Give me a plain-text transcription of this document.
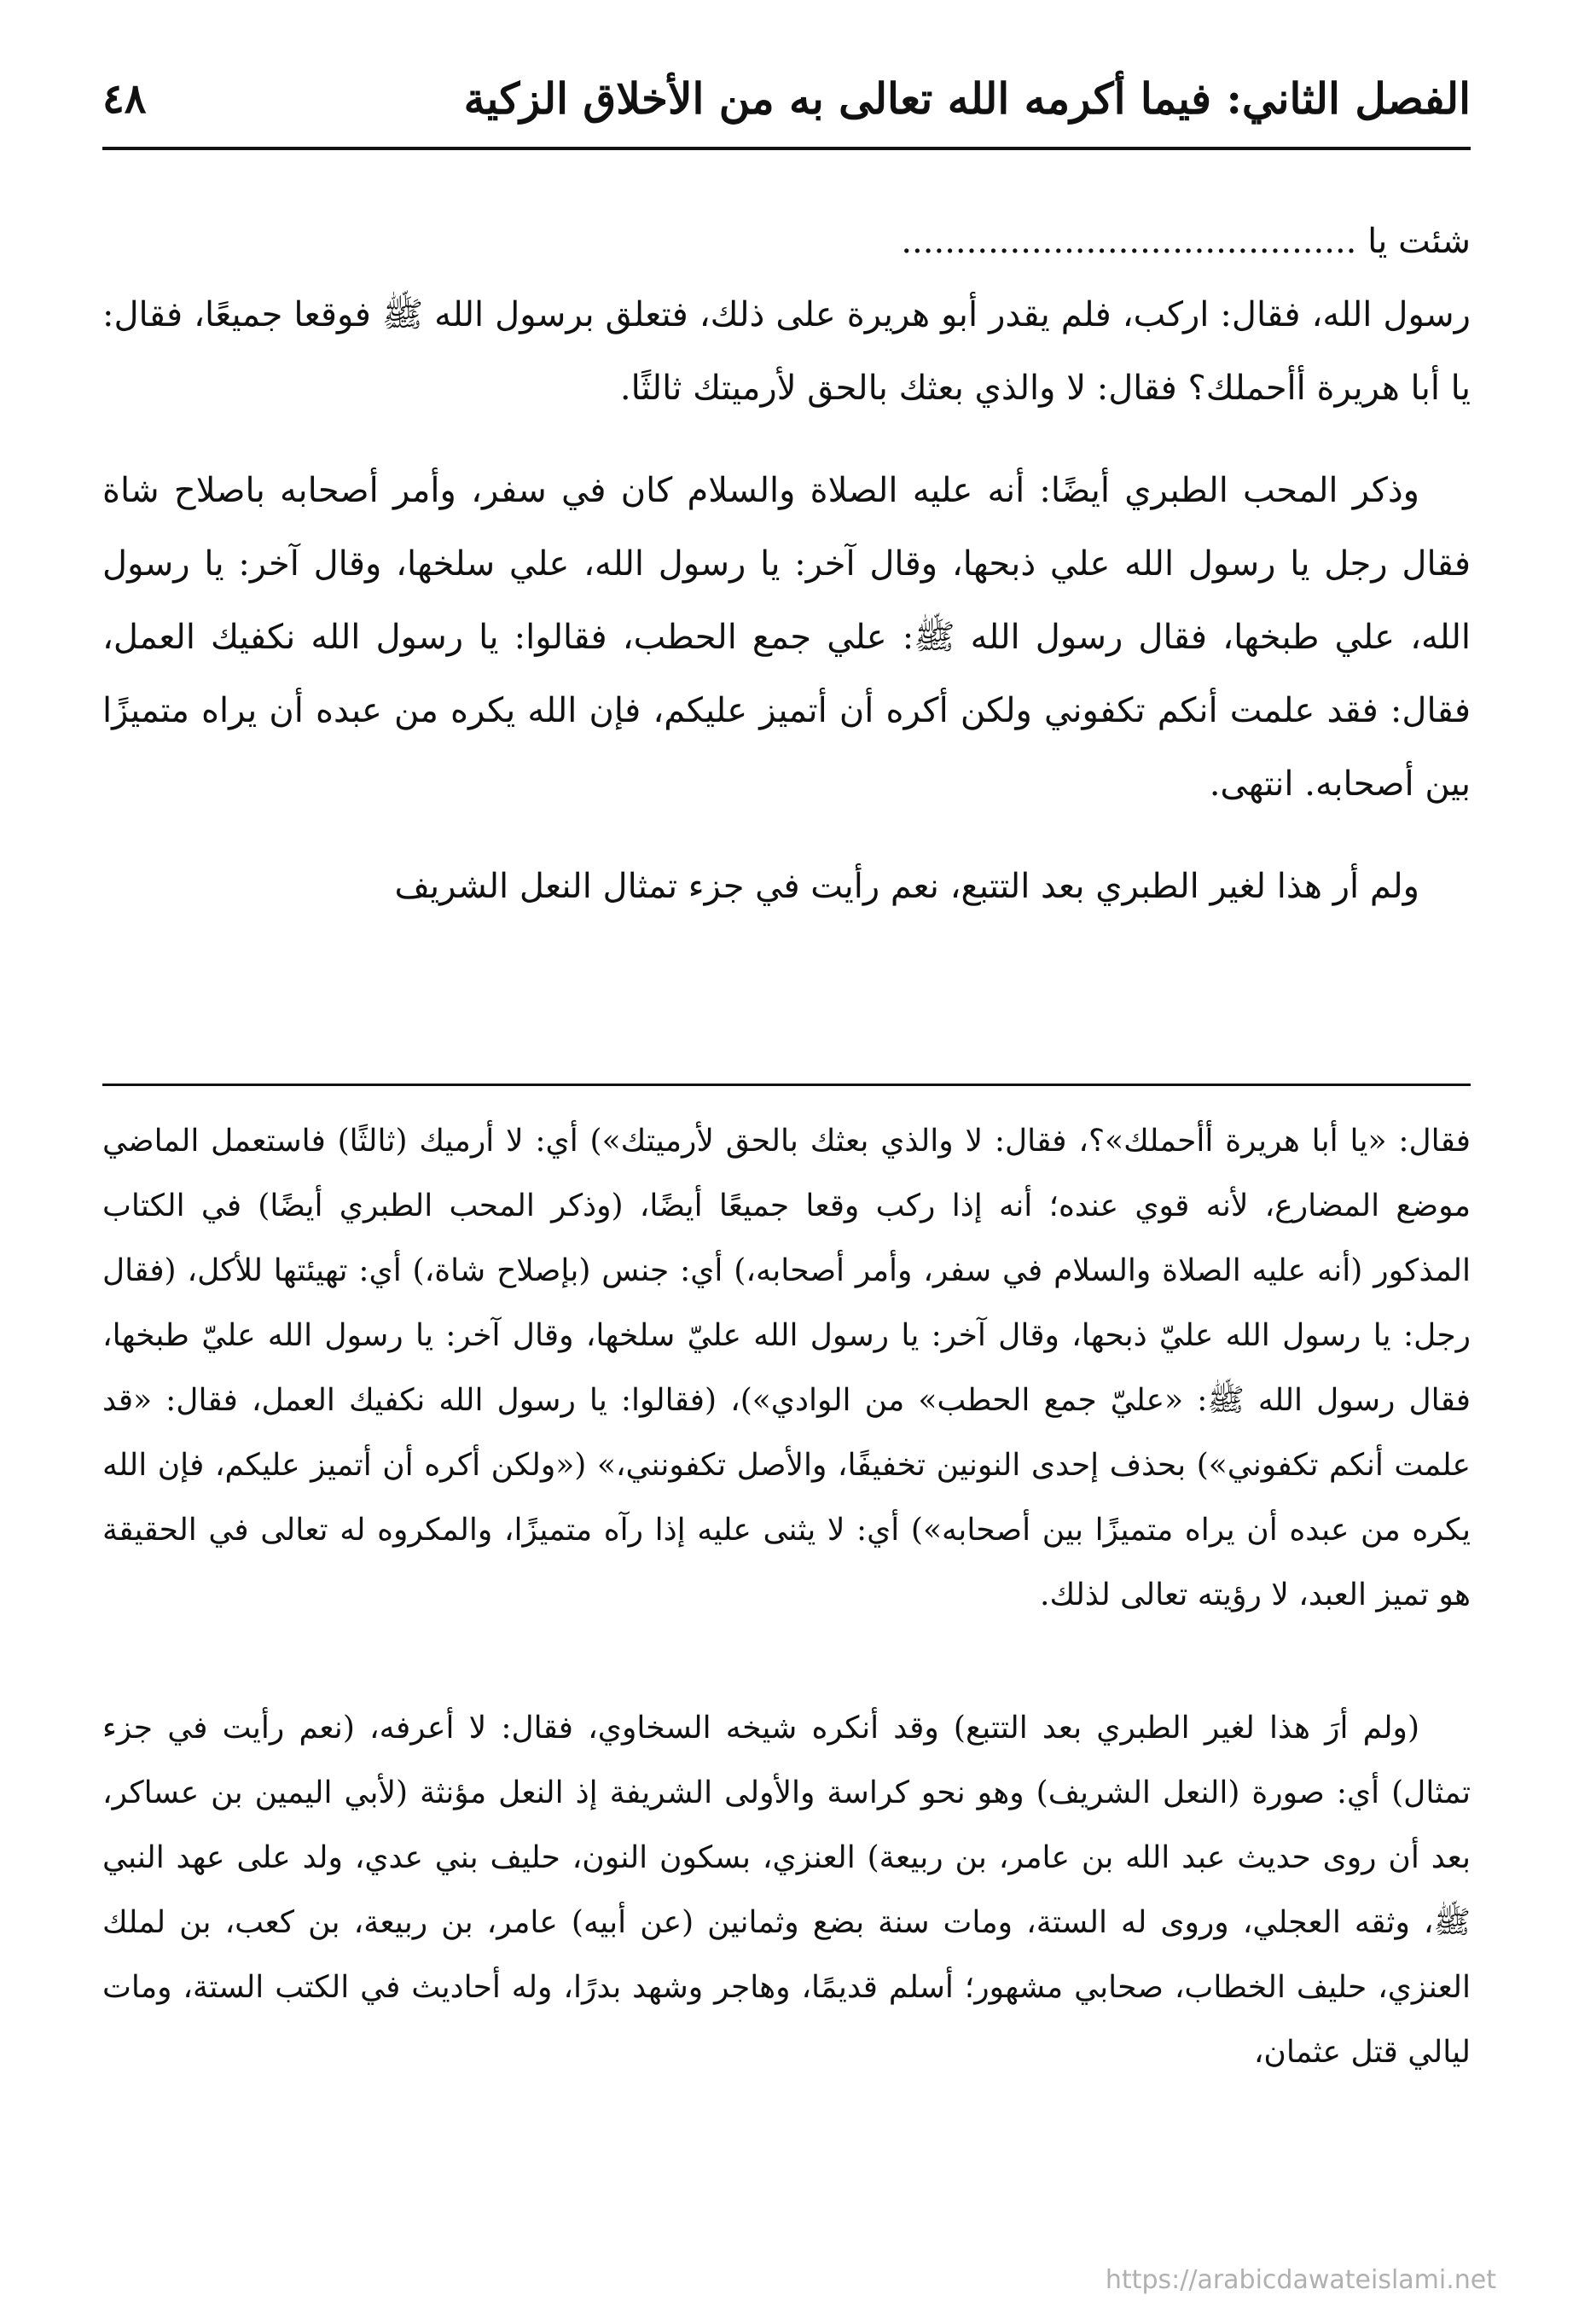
٤٨	الفصل الثاني: فيما أكرمه الله تعالى به من الأخلاق الزكية

شئت يا ..........................................

رسول الله، فقال: اركب، فلم يقدر أبو هريرة على ذلك، فتعلق برسول الله ﷺ فوقعا جميعًا، فقال: يا أبا هريرة أأحملك؟ فقال: لا والذي بعثك بالحق لأرميتك ثالثًا.

وذكر المحب الطبري أيضًا: أنه عليه الصلاة والسلام كان في سفر، وأمر أصحابه باصلاح شاة فقال رجل يا رسول الله علي ذبحها، وقال آخر: يا رسول الله، علي سلخها، وقال آخر: يا رسول الله، علي طبخها، فقال رسول الله ﷺ: علي جمع الحطب، فقالوا: يا رسول الله نكفيك العمل، فقال: فقد علمت أنكم تكفوني ولكن أكره أن أتميز عليكم، فإن الله يكره من عبده أن يراه متميزًا بين أصحابه. انتهى.

ولم أر هذا لغير الطبري بعد التتبع، نعم رأيت في جزء تمثال النعل الشريف

فقال: «يا أبا هريرة أأحملك»؟، فقال: لا والذي بعثك بالحق لأرميتك») أي: لا أرميك (ثالثًا) فاستعمل الماضي موضع المضارع، لأنه قوي عنده؛ أنه إذا ركب وقعا جميعًا أيضًا، (وذكر المحب الطبري أيضًا) في الكتاب المذكور (أنه عليه الصلاة والسلام في سفر، وأمر أصحابه،) أي: جنس (بإصلاح شاة،) أي: تهيئتها للأكل، (فقال رجل: يا رسول الله عليّ ذبحها، وقال آخر: يا رسول الله عليّ سلخها، وقال آخر: يا رسول الله عليّ طبخها، فقال رسول الله ﷺ: «عليّ جمع الحطب» من الوادي»)، (فقالوا: يا رسول الله نكفيك العمل، فقال: «قد علمت أنكم تكفوني») بحذف إحدى النونين تخفيفًا، والأصل تكفونني،» («ولكن أكره أن أتميز عليكم، فإن الله يكره من عبده أن يراه متميزًا بين أصحابه») أي: لا يثنى عليه إذا رآه متميزًا، والمكروه له تعالى في الحقيقة هو تميز العبد، لا رؤيته تعالى لذلك.

(ولم أرَ هذا لغير الطبري بعد التتبع) وقد أنكره شيخه السخاوي، فقال: لا أعرفه، (نعم رأيت في جزء تمثال) أي: صورة (النعل الشريف) وهو نحو كراسة والأولى الشريفة إذ النعل مؤنثة (لأبي اليمين بن عساكر، بعد أن روى حديث عبد الله بن عامر، بن ربيعة) العنزي، بسكون النون، حليف بني عدي، ولد على عهد النبي ﷺ، وثقه العجلي، وروى له الستة، ومات سنة بضع وثمانين (عن أبيه) عامر، بن ربيعة، بن كعب، بن لملك العنزي، حليف الخطاب، صحابي مشهور؛ أسلم قديمًا، وهاجر وشهد بدرًا، وله أحاديث في الكتب الستة، ومات ليالي قتل عثمان،

https://arabicdawateislami.net
